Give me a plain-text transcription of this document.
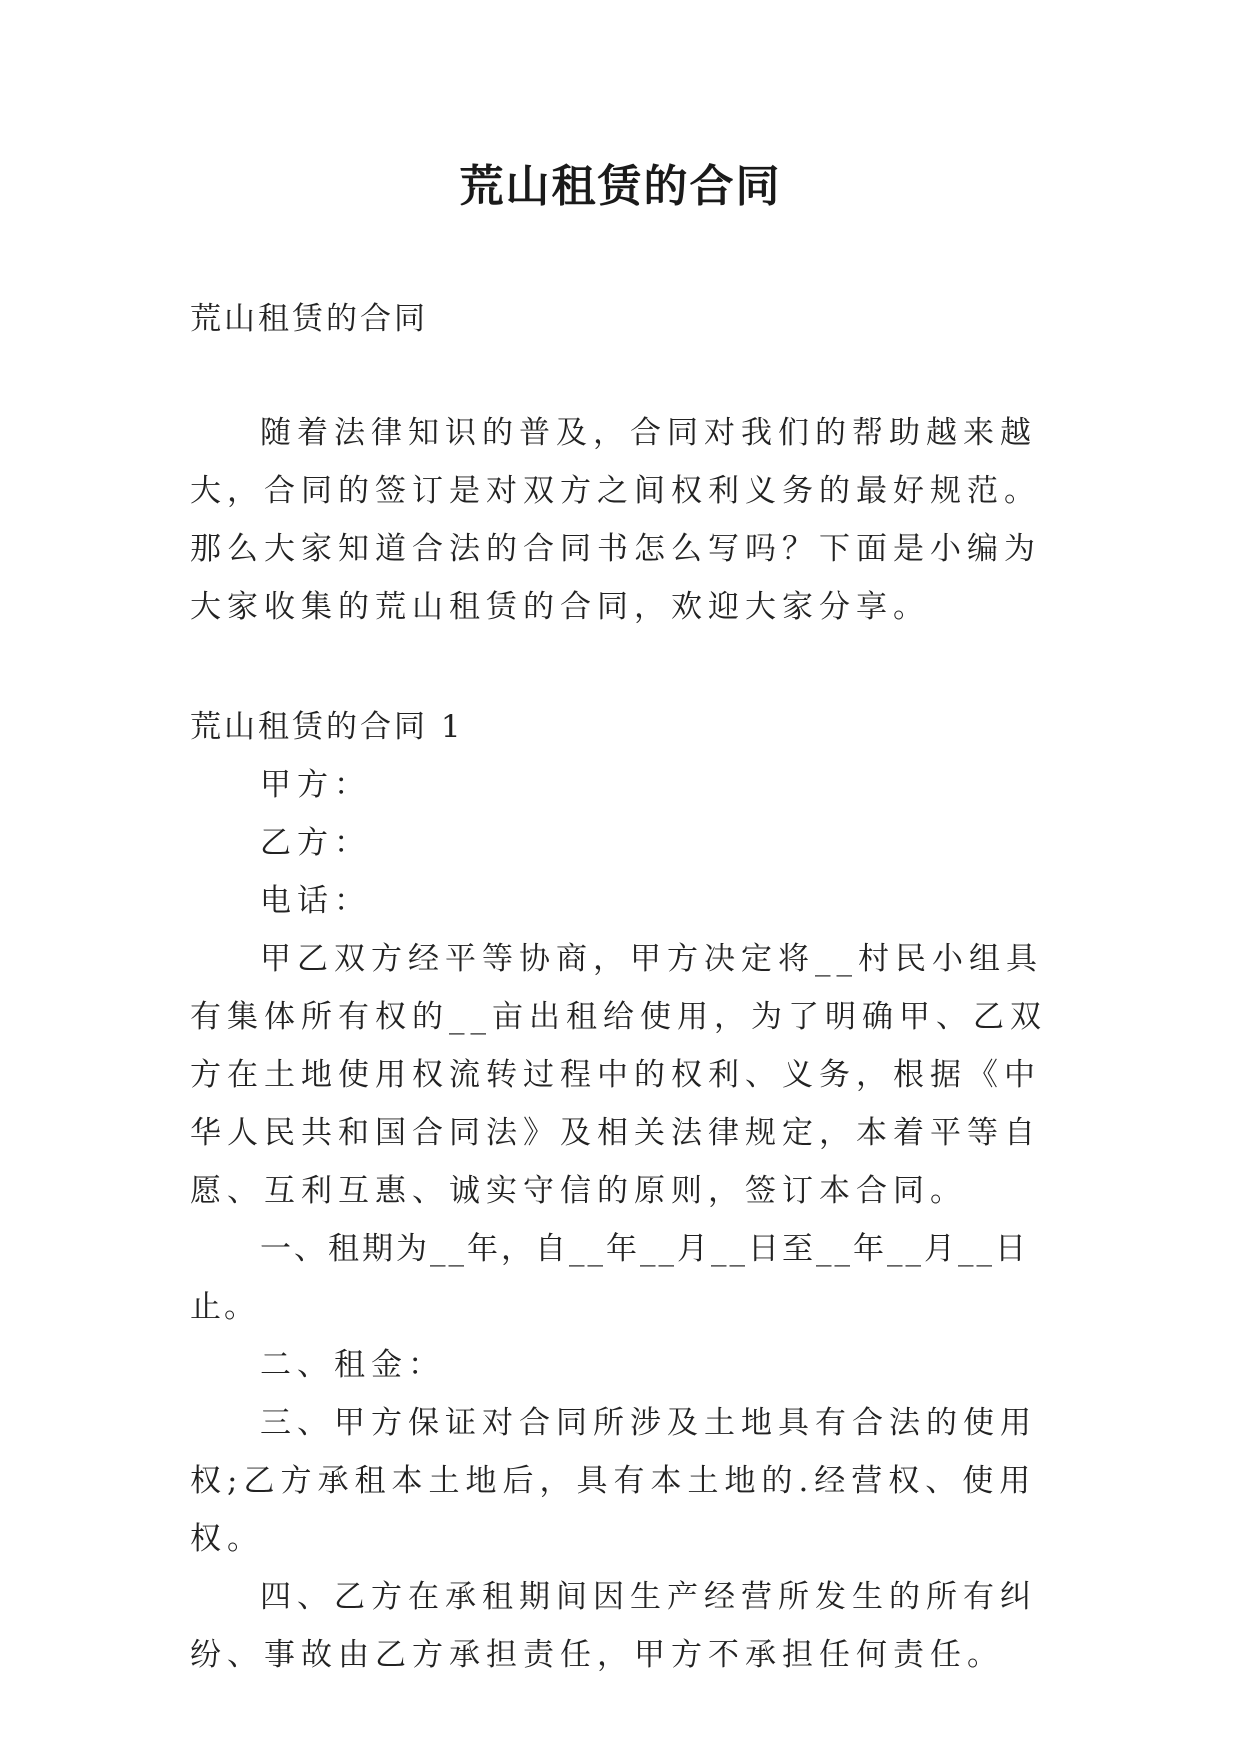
荒山租赁的合同
荒山租赁的合同

随着法律知识的普及，合同对我们的帮助越来越大，合同的签订是对双方之间权利义务的最好规范。那么大家知道合法的合同书怎么写吗？下面是小编为大家收集的荒山租赁的合同，欢迎大家分享。

荒山租赁的合同 1

甲方：

乙方：

电话：

甲乙双方经平等协商，甲方决定将__村民小组具有集体所有权的__亩出租给使用，为了明确甲、乙双方在土地使用权流转过程中的权利、义务，根据《中华人民共和国合同法》及相关法律规定，本着平等自愿、互利互惠、诚实守信的原则，签订本合同。

一、租期为__年，自__年__月__日至__年__月__日止。

二、租金：

三、甲方保证对合同所涉及土地具有合法的使用权;乙方承租本土地后，具有本土地的.经营权、使用权。

四、乙方在承租期间因生产经营所发生的所有纠纷、事故由乙方承担责任，甲方不承担任何责任。
